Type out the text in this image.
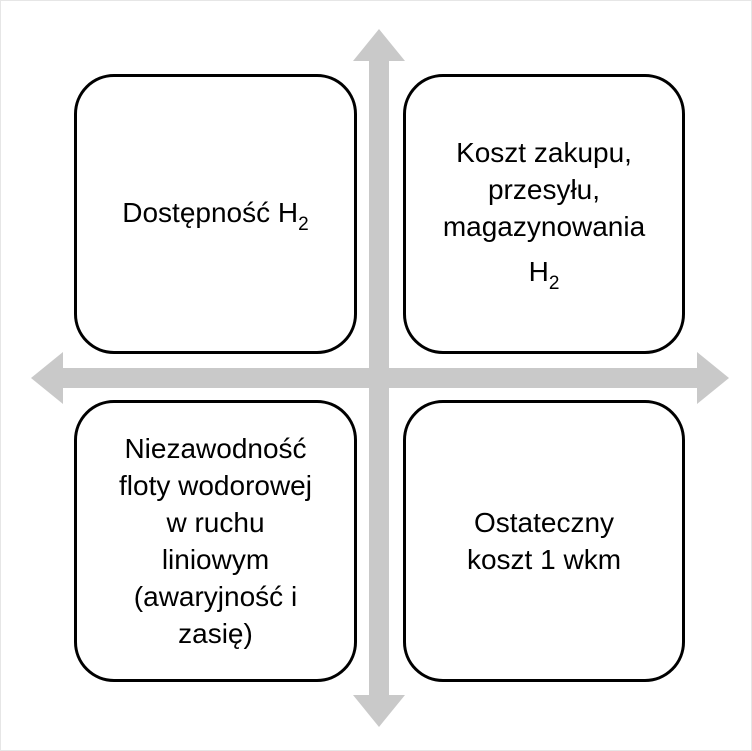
Dostępność $H_2$
Koszt zakupu,
przesyłu,
magazynowania
$H_2$
Niezawodność
floty wodorowej
w ruchu
liniowym
(awaryjność i
zasię)
Ostateczny
koszt 1 wkm
